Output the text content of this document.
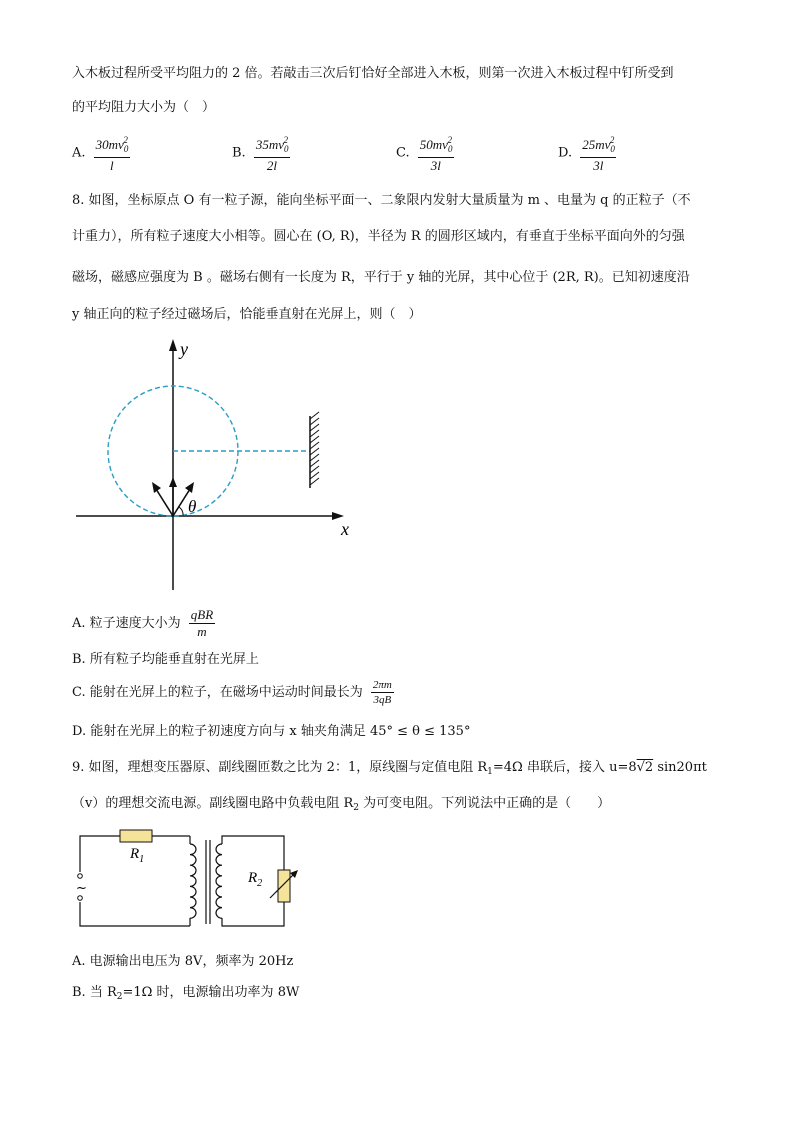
入木板过程所受平均阻力的 2 倍。若敲击三次后钉恰好全部进入木板，则第一次进入木板过程中钉所受到
的平均阻力大小为（　）
A. $\frac{30mv_0^2}{l}$	B. $\frac{35mv_0^2}{2l}$	C. $\frac{50mv_0^2}{3l}$	D. $\frac{25mv_0^2}{3l}$
8. 如图，坐标原点 O 有一粒子源，能向坐标平面一、二象限内发射大量质量为 m 、电量为 q 的正粒子（不
计重力），所有粒子速度大小相等。圆心在 (O, R)，半径为 R 的圆形区域内，有垂直于坐标平面向外的匀强
磁场，磁感应强度为 B 。磁场右侧有一长度为 R，平行于 y 轴的光屏，其中心位于 (2R, R)。已知初速度沿
y 轴正向的粒子经过磁场后，恰能垂直射在光屏上，则（　）
y
x
θ
A. 粒子速度大小为 $\frac{\text{qBR}}{m}$
B. 所有粒子均能垂直射在光屏上
C. 能射在光屏上的粒子，在磁场中运动时间最长为 $\frac{2\pi m}{3qB}$
D. 能射在光屏上的粒子初速度方向与 x 轴夹角满足 45° ≤ θ ≤ 135°
9. 如图，理想变压器原、副线圈匝数之比为 2：1，原线圈与定值电阻 $R_1=4\Omega$ 串联后，接入 u=8√2 sin20πt
（v）的理想交流电源。副线圈电路中负载电阻 $R_2$ 为可变电阻。下列说法中正确的是（　　）
$R_1$
~
$R_2$
A. 电源输出电压为 8V，频率为 20Hz
B. 当 $R_2=1\Omega$ 时，电源输出功率为 8W
